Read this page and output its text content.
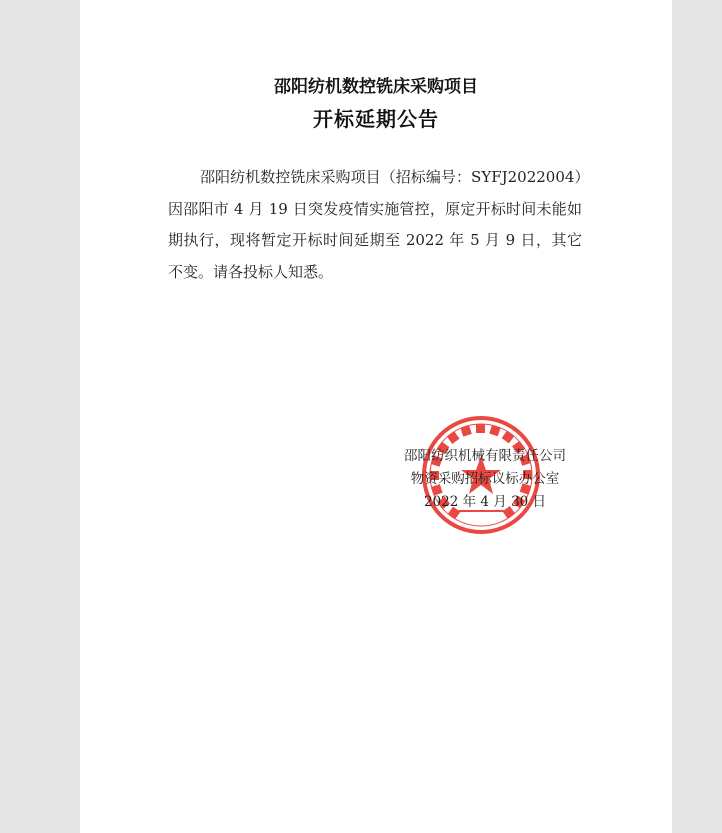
邵阳纺机数控铣床采购项目
开标延期公告

邵阳纺机数控铣床采购项目（招标编号：SYFJ2022004）因邵阳市 4 月 19 日突发疫情实施管控，原定开标时间未能如期执行，现将暂定开标时间延期至 2022 年 5 月 9 日，其它不变。请各投标人知悉。

邵阳纺织机械有限责任公司
物资采购招标议标办公室
2022 年 4 月 30 日
